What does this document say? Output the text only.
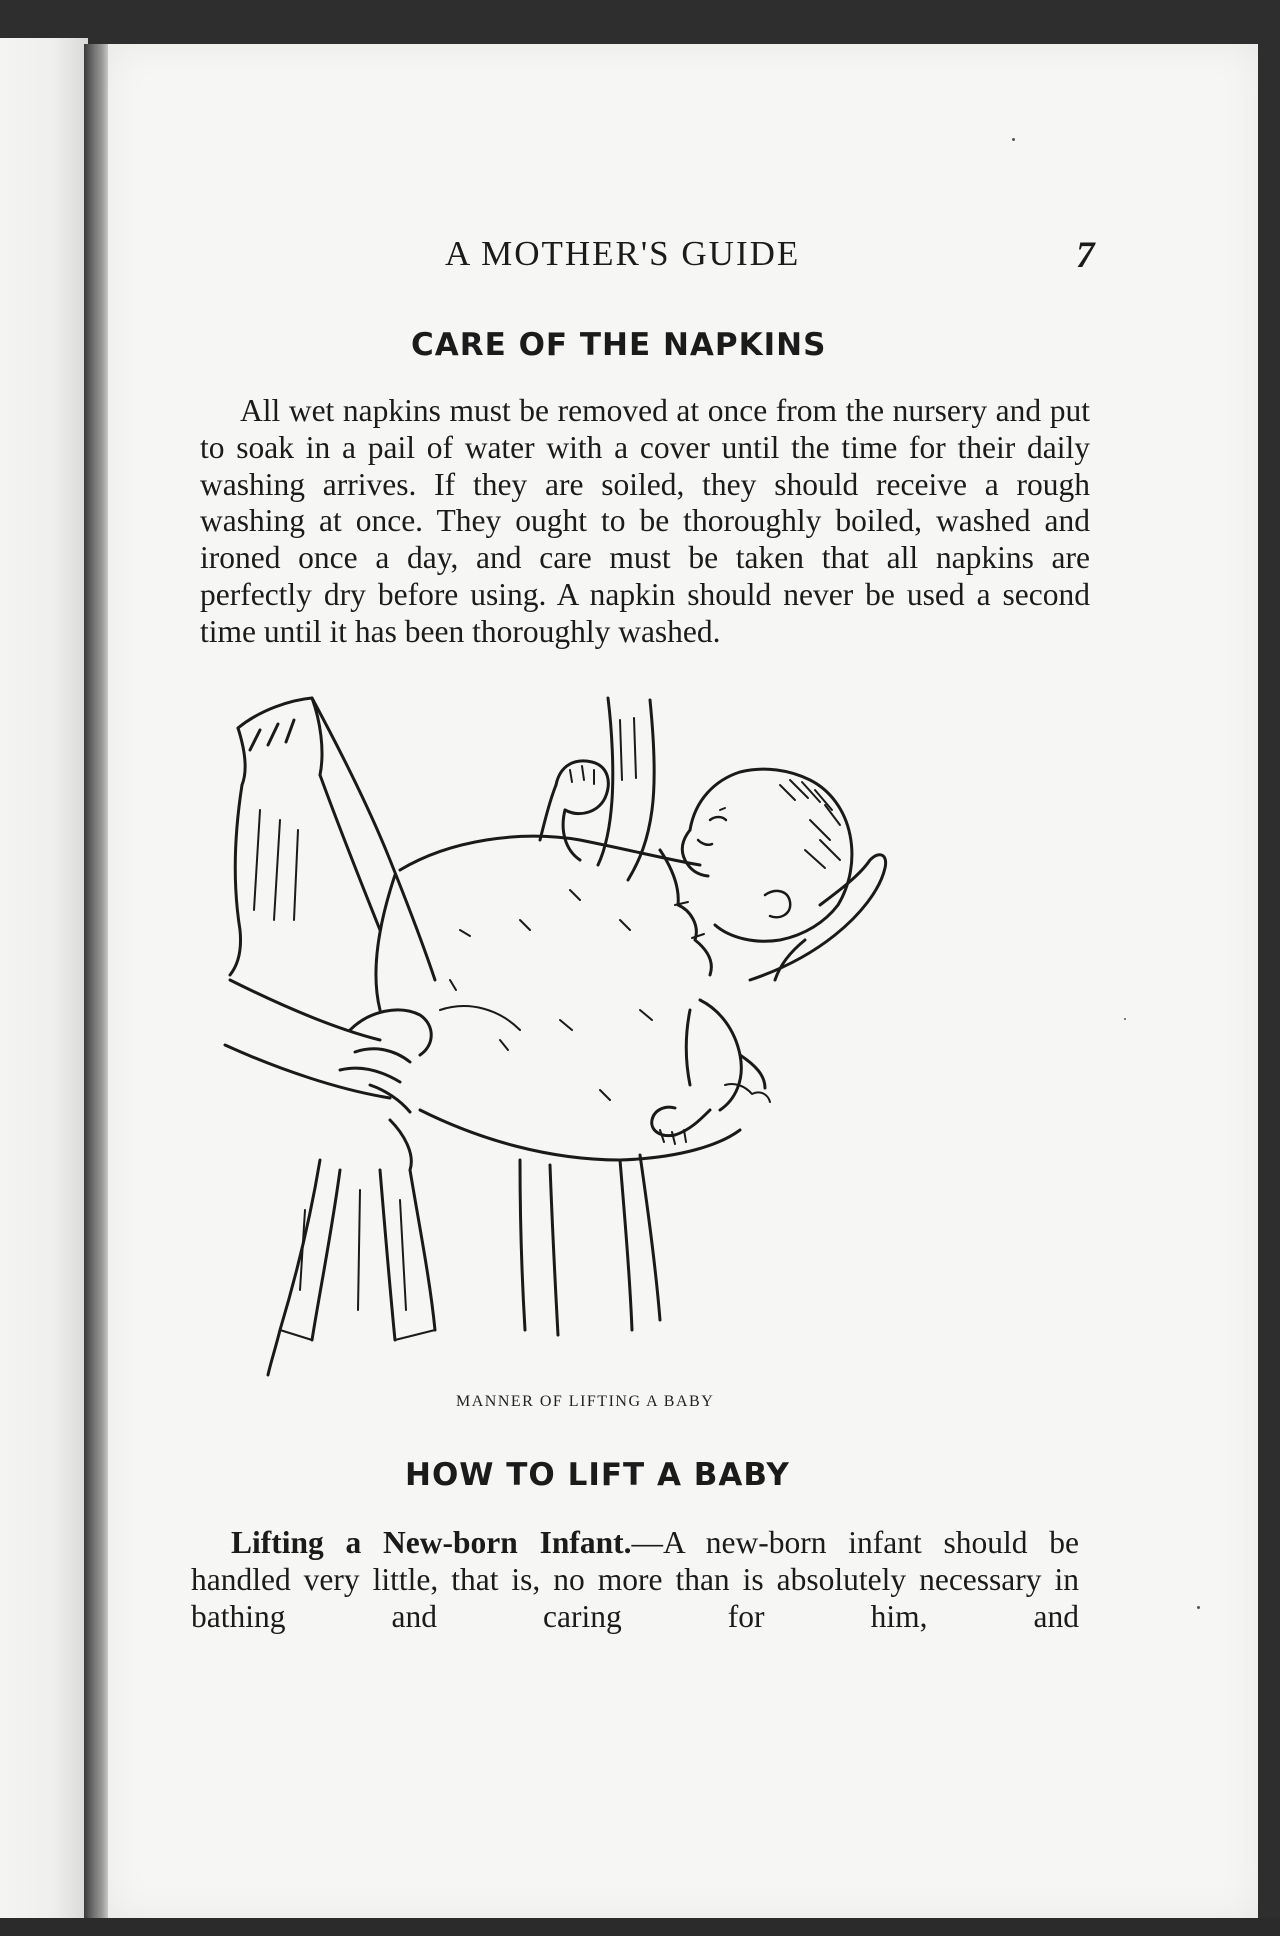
A MOTHER'S GUIDE	7
CARE OF THE NAPKINS

All wet napkins must be removed at once from the nursery and put to soak in a pail of water with a cover until the time for their daily washing arrives. If they are soiled, they should receive a rough washing at once. They ought to be thoroughly boiled, washed and ironed once a day, and care must be taken that all napkins are perfectly dry before using. A napkin should never be used a second time until it has been thoroughly washed.

MANNER OF LIFTING A BABY
HOW TO LIFT A BABY

Lifting a New-born Infant.—A new-born infant should be handled very little, that is, no more than is absolutely necessary in bathing and caring for him, and
